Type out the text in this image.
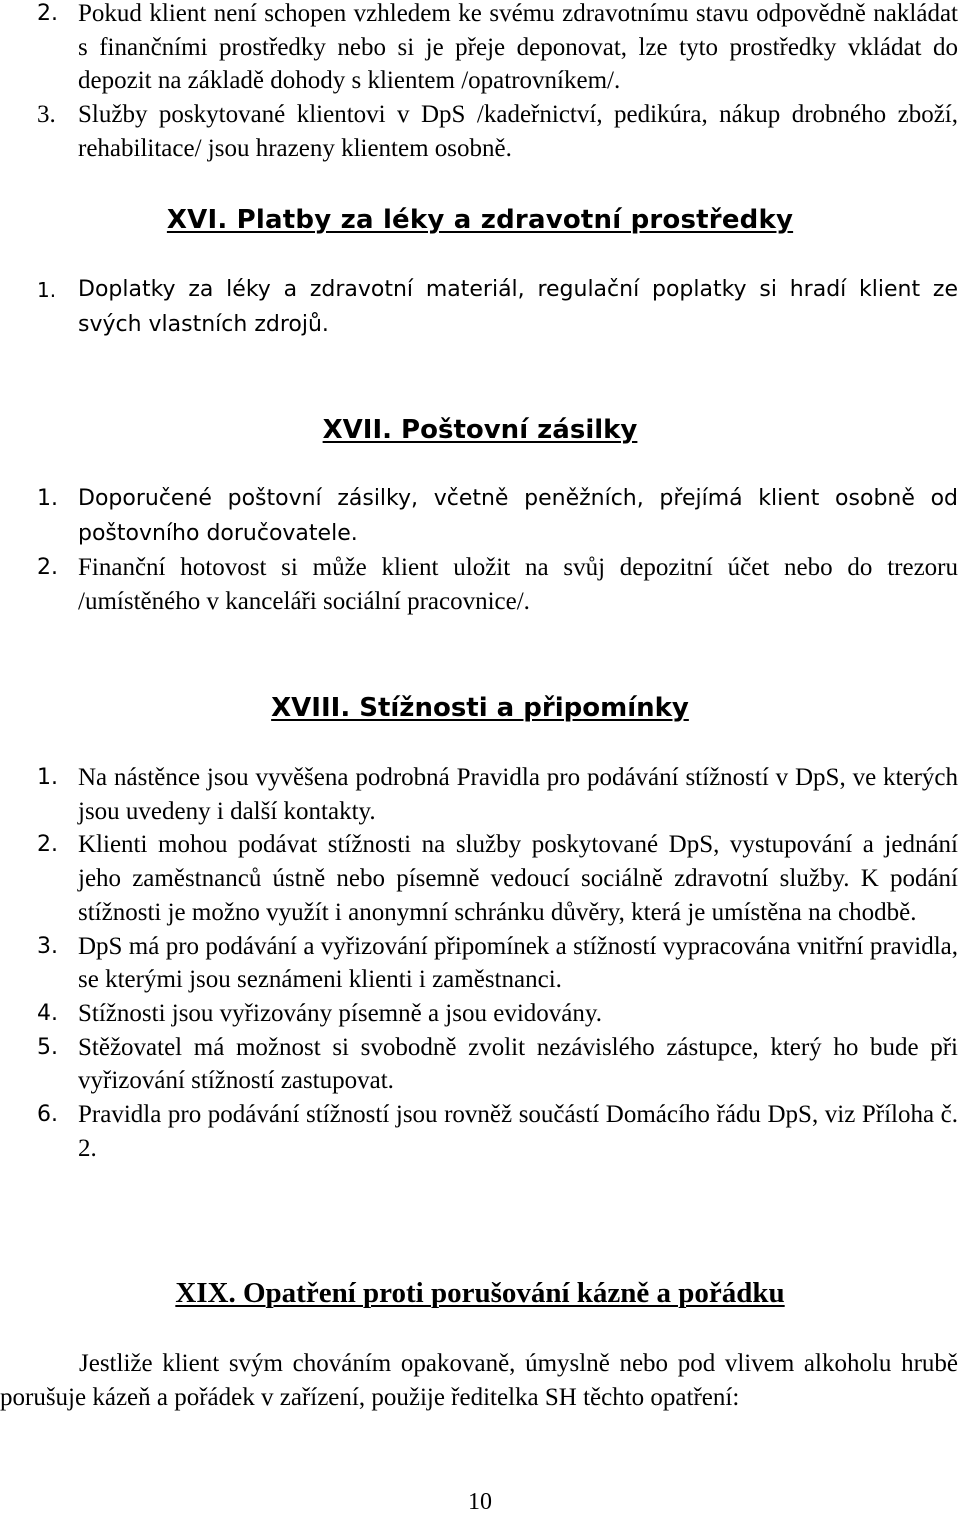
2. Pokud klient není schopen vzhledem ke svému zdravotnímu stavu odpovědně nakládat s finančními prostředky nebo si je přeje deponovat, lze tyto prostředky vkládat do depozit na základě dohody s klientem /opatrovníkem/.
3. Služby poskytované klientovi v DpS /kadeřnictví, pedikúra, nákup drobného zboží, rehabilitace/ jsou hrazeny klientem osobně.
XVI. Platby za léky a zdravotní prostředky
1. Doplatky za léky a zdravotní materiál, regulační poplatky si hradí klient ze svých vlastních zdrojů.
XVII. Poštovní zásilky
1. Doporučené poštovní zásilky, včetně peněžních, přejímá klient osobně od poštovního doručovatele.
2. Finanční hotovost si může klient uložit na svůj depozitní účet nebo do trezoru /umístěného v kanceláři sociální pracovnice/.
XVIII. Stížnosti a připomínky
1. Na nástěnce jsou vyvěšena podrobná Pravidla pro podávání stížností v DpS, ve kterých jsou uvedeny i další kontakty.
2. Klienti mohou podávat stížnosti na služby poskytované DpS, vystupování a jednání jeho zaměstnanců ústně nebo písemně vedoucí sociálně zdravotní služby. K podání stížnosti je možno využít i anonymní schránku důvěry, která je umístěna na chodbě.
3. DpS má pro podávání a vyřizování připomínek a stížností vypracována vnitřní pravidla, se kterými jsou seznámeni klienti i zaměstnanci.
4. Stížnosti jsou vyřizovány písemně a jsou evidovány.
5. Stěžovatel má možnost si svobodně zvolit nezávislého zástupce, který ho bude při vyřizování stížností zastupovat.
6. Pravidla pro podávání stížností jsou rovněž součástí Domácího řádu DpS, viz Příloha č. 2.
XIX. Opatření proti porušování kázně a pořádku

Jestliže klient svým chováním opakovaně, úmyslně nebo pod vlivem alkoholu hrubě porušuje kázeň a pořádek v zařízení, použije ředitelka SH těchto opatření:

10
